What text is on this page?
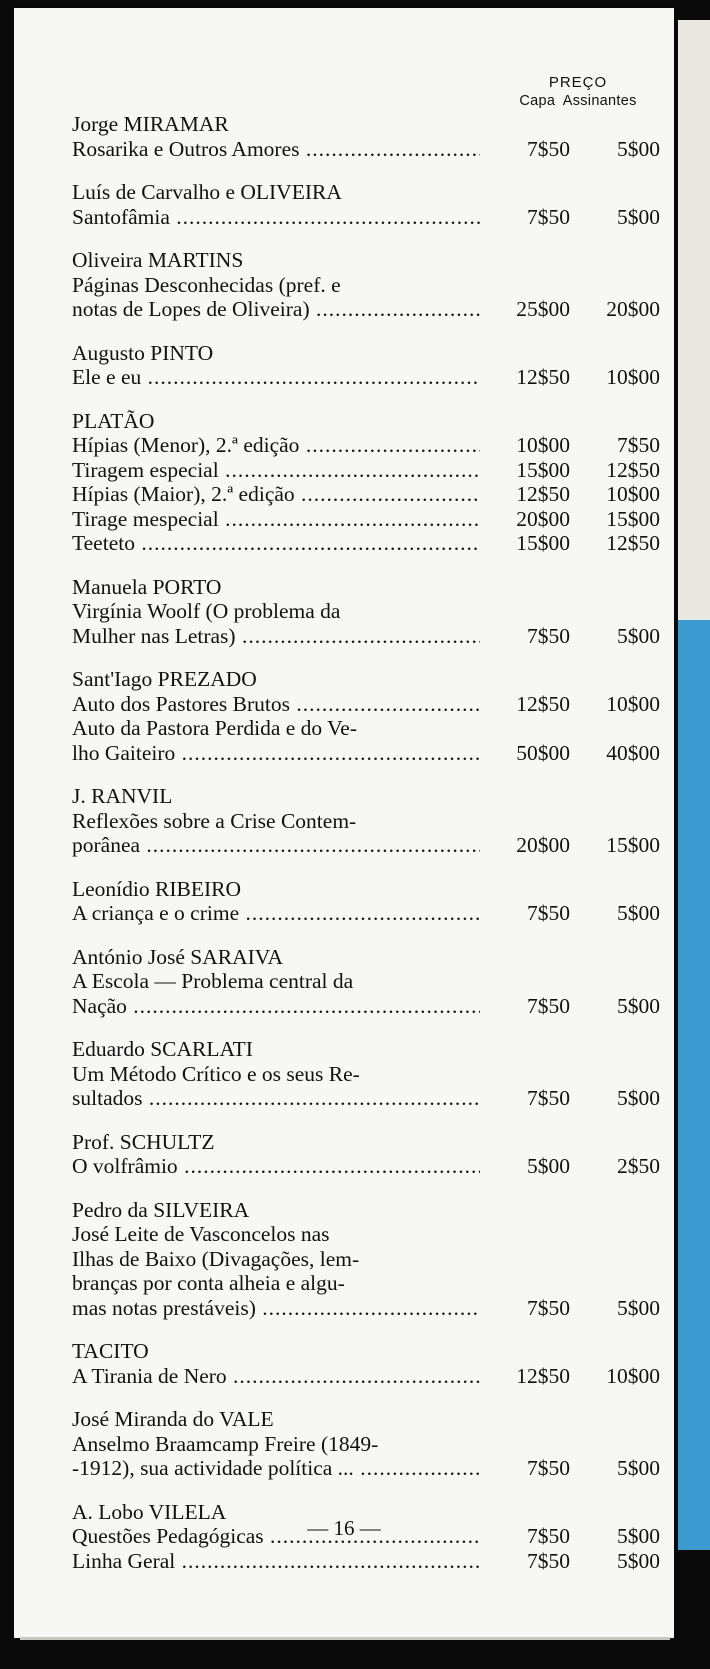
PREÇO
Capa Assinantes
Jorge MIRAMAR
Rosarika e Outros Amores .....	7$50	5$00
Luís de Carvalho e OLIVEIRA
Santofâmia .....	7$50	5$00
Oliveira MARTINS
Páginas Desconhecidas (pref. e
notas de Lopes de Oliveira) .....	25$00	20$00
Augusto PINTO
Ele e eu .....	12$50	10$00
PLATÃO
Hípias (Menor), 2.ª edição .....	10$00	7$50
Tiragem especial .....	15$00	12$50
Hípias (Maior), 2.ª edição .....	12$50	10$00
Tirage mespecial .....	20$00	15$00
Teeteto .....	15$00	12$50
Manuela PORTO
Virgínia Woolf (O problema da
Mulher nas Letras) .....	7$50	5$00
Sant'Iago PREZADO
Auto dos Pastores Brutos .....	12$50	10$00
Auto da Pastora Perdida e do Ve-
lho Gaiteiro .....	50$00	40$00
J. RANVIL
Reflexões sobre a Crise Contem-
porânea .....	20$00	15$00
Leonídio RIBEIRO
A criança e o crime .....	7$50	5$00
António José SARAIVA
A Escola — Problema central da
Nação .....	7$50	5$00
Eduardo SCARLATI
Um Método Crítico e os seus Re-
sultados .....	7$50	5$00
Prof. SCHULTZ
O volfrâmio .....	5$00	2$50
Pedro da SILVEIRA
José Leite de Vasconcelos nas
Ilhas de Baixo (Divagações, lem-
branças por conta alheia e algu-
mas notas prestáveis) .....	7$50	5$00
TACITO
A Tirania de Nero .....	12$50	10$00
José Miranda do VALE
Anselmo Braamcamp Freire (1849-
-1912), sua actividade política ... .....	7$50	5$00
A. Lobo VILELA
Questões Pedagógicas .....	7$50	5$00
Linha Geral .....	7$50	5$00
— 16 —
